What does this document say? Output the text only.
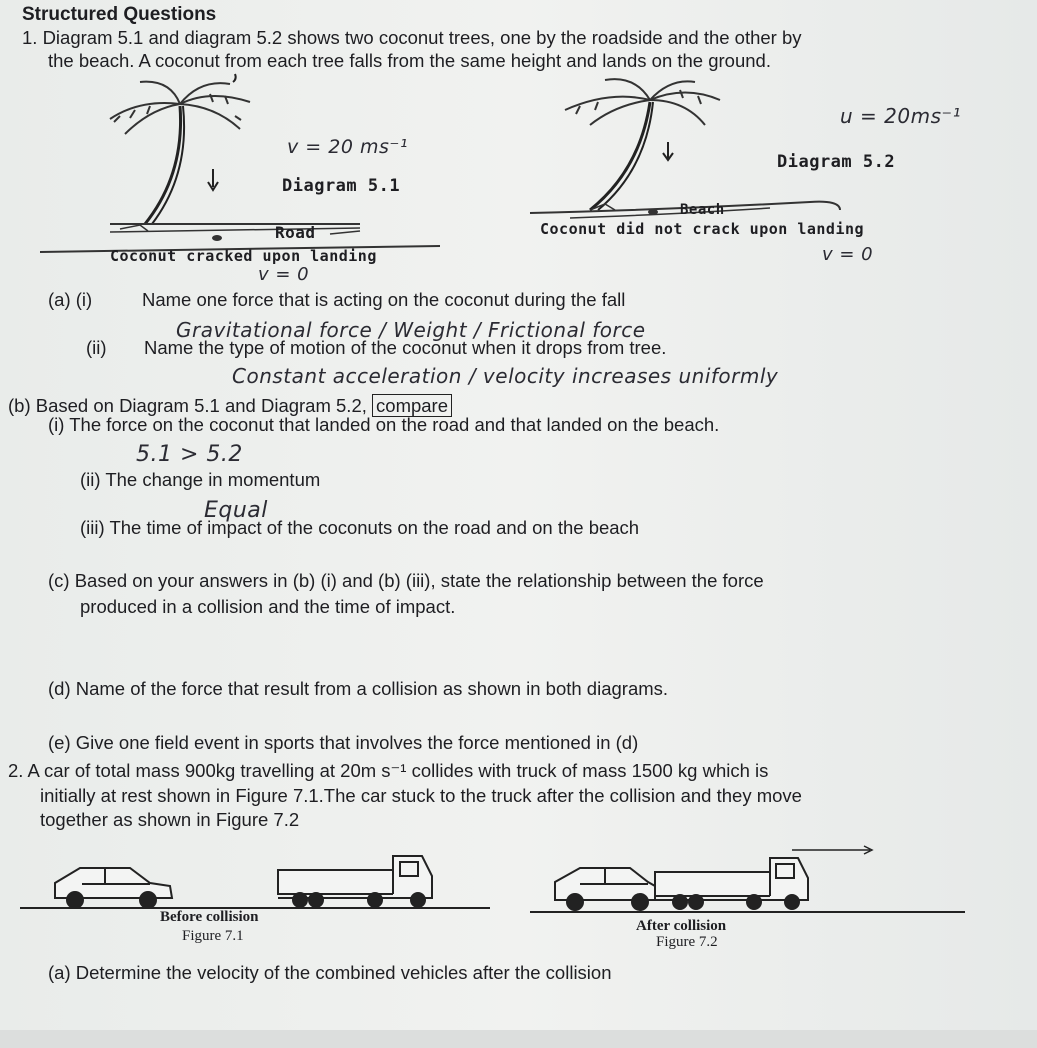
Structured Questions
1. Diagram 5.1 and diagram 5.2 shows two coconut trees, one by the roadside and the other by
the beach. A coconut from each tree falls from the same height and lands on the ground.
v = 20 ms⁻¹
Diagram 5.1
Road
Coconut cracked upon landing
v = 0
u = 20ms⁻¹
Diagram 5.2
Beach
Coconut did not crack upon landing
v = 0
(a) (i)	Name one force that is acting on the coconut during the fall
Gravitational force / Weight / Frictional force
(ii) Name the type of motion of the coconut when it drops from tree.
Constant acceleration / velocity increases uniformly
(b) Based on Diagram 5.1 and Diagram 5.2, compare
(i) The force on the coconut that landed on the road and that landed on the beach.
5.1 > 5.2
(ii) The change in momentum
Equal
(iii) The time of impact of the coconuts on the road and on the beach
(c) Based on your answers in (b) (i) and (b) (iii), state the relationship between the force
produced in a collision and the time of impact.
(d) Name of the force that result from a collision as shown in both diagrams.
(e) Give one field event in sports that involves the force mentioned in (d)
2. A car of total mass 900kg travelling at 20m s⁻¹ collides with truck of mass 1500 kg which is
initially at rest shown in Figure 7.1.The car stuck to the truck after the collision and they move
together as shown in Figure 7.2
Before collision
Figure 7.1
After collision
Figure 7.2
(a) Determine the velocity of the combined vehicles after the collision
